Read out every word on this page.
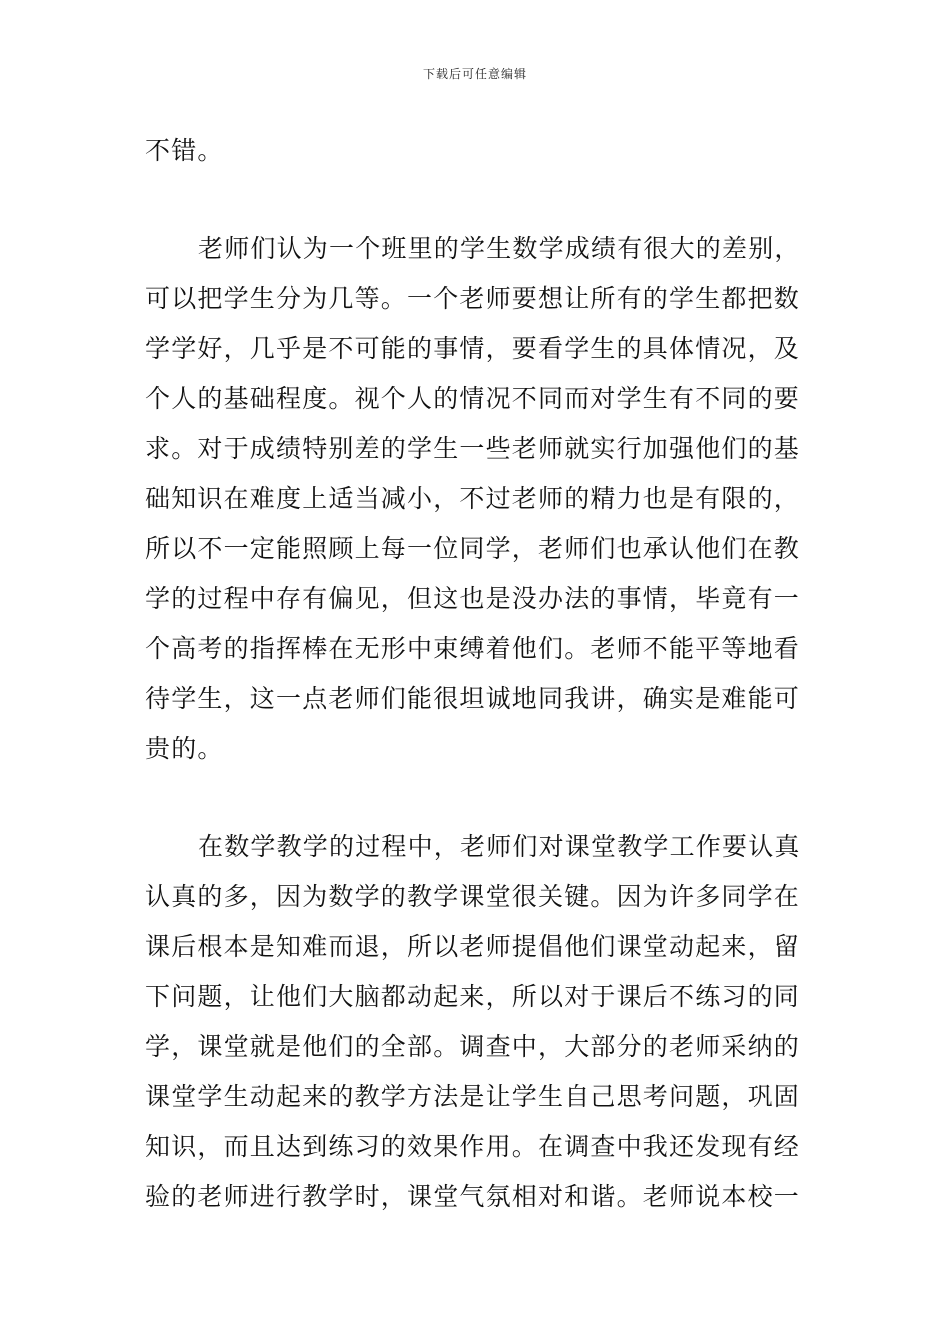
下载后可任意编辑
不错。
老师们认为一个班里的学生数学成绩有很大的差别，
可以把学生分为几等。一个老师要想让所有的学生都把数
学学好，几乎是不可能的事情，要看学生的具体情况，及
个人的基础程度。视个人的情况不同而对学生有不同的要
求。对于成绩特别差的学生一些老师就实行加强他们的基
础知识在难度上适当减小，不过老师的精力也是有限的，
所以不一定能照顾上每一位同学，老师们也承认他们在教
学的过程中存有偏见，但这也是没办法的事情，毕竟有一
个高考的指挥棒在无形中束缚着他们。老师不能平等地看
待学生，这一点老师们能很坦诚地同我讲，确实是难能可
贵的。
在数学教学的过程中，老师们对课堂教学工作要认真
认真的多，因为数学的教学课堂很关键。因为许多同学在
课后根本是知难而退，所以老师提倡他们课堂动起来，留
下问题，让他们大脑都动起来，所以对于课后不练习的同
学，课堂就是他们的全部。调查中，大部分的老师采纳的
课堂学生动起来的教学方法是让学生自己思考问题，巩固
知识，而且达到练习的效果作用。在调查中我还发现有经
验的老师进行教学时，课堂气氛相对和谐。老师说本校一
